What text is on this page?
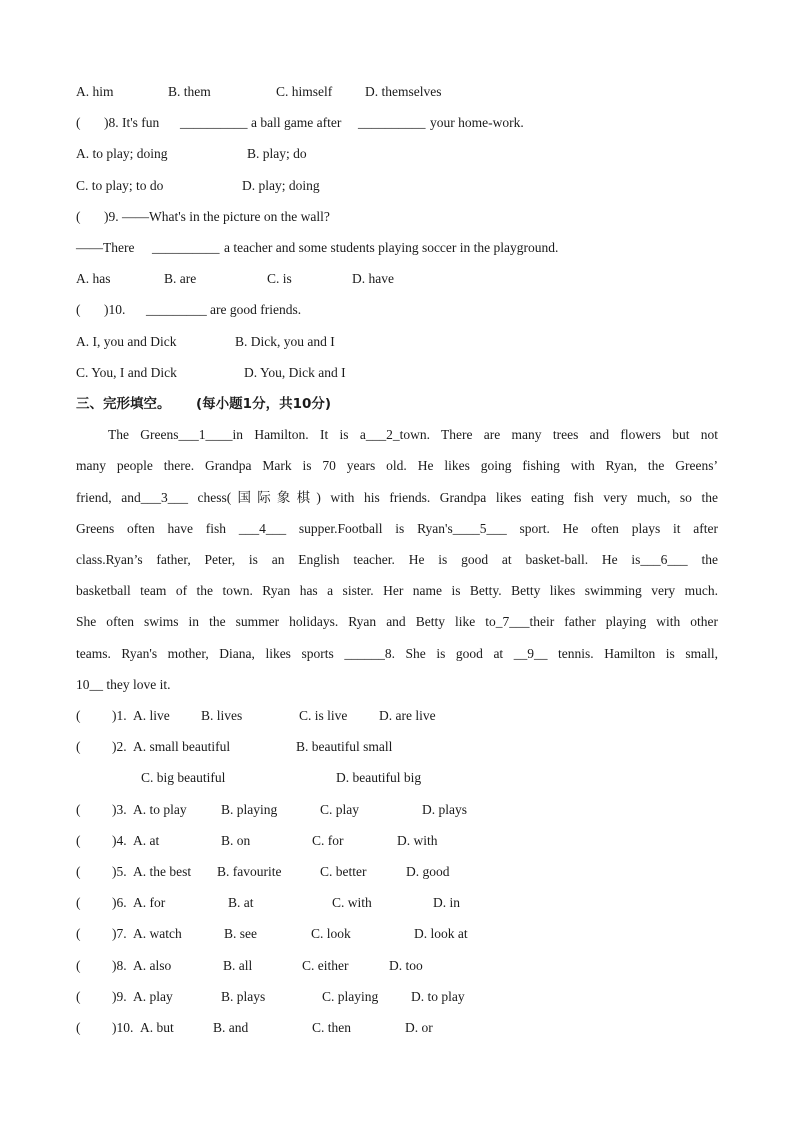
A. him	B. them	C. himself D. themselves
( )8. It's fun __________ a ball game after __________ your home-work.
A. to play; doing	B. play; do
C. to play; to do	D. play; doing
( )9. ——What's in the picture on the wall?
——There __________ a teacher and some students playing soccer in the playground.
A. has	B. are	C. is	D. have
( )10. _________ are good friends.
A. I, you and Dick	B. Dick, you and I
C. You, I and Dick	D. You, Dick and I
三、完形填空。 (每小题1分，共10分)
The Greens___1____in Hamilton. It is a___2_town. There are many trees and flowers but not
many people there. Grandpa Mark is 70 years old. He likes going fishing with Ryan, the Greens’
friend, and___3___ chess(国际象棋) with his friends. Grandpa likes eating fish very much, so the
Greens often have fish ___4___ supper.Football is Ryan's____5___ sport. He often plays it after
class.Ryan’s father, Peter, is an English teacher. He is good at basket-ball. He is___6___ the
basketball team of the town. Ryan has a sister. Her name is Betty. Betty likes swimming very much.
She often swims in the summer holidays. Ryan and Betty like to_7___their father playing with other
teams. Ryan's mother, Diana, likes sports ______8. She is good at __9__ tennis. Hamilton is small,
10__ they love it.
( )1. A. live B. lives	C. is live D. are live
( )2. A. small beautiful	B. beautiful small
C. big beautiful	D. beautiful big
( )3. A. to play	B. playing	C. play	D. plays
( )4. A. at	B. on	C. for	D. with
( )5. A. the best B. favourite	C. better	D. good
( )6. A. for	B. at	C. with	D. in
( )7. A. watch	B. see	C. look	D. look at
( )8. A. also	B. all	C. either	D. too
( )9. A. play	B. plays	C. playing D. to play
( )10. A. but	B. and	C. then	D. or
